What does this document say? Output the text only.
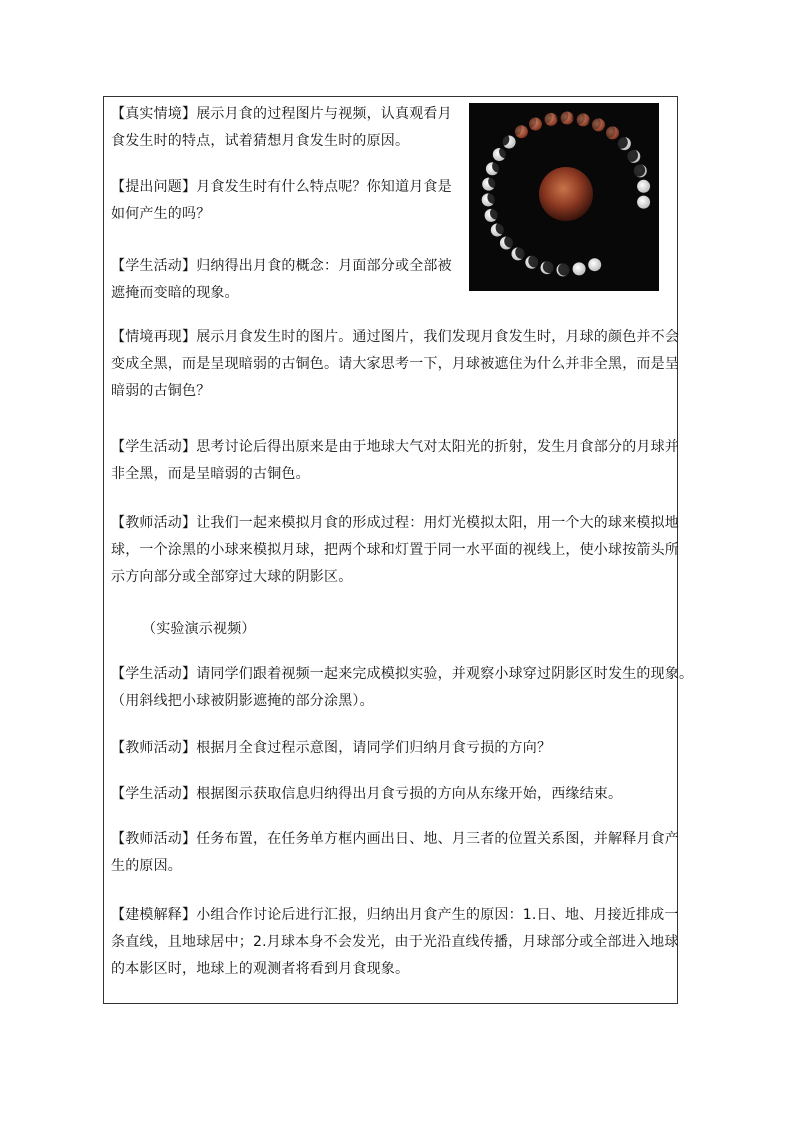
【真实情境】展示月食的过程图片与视频，认真观看月
食发生时的特点，试着猜想月食发生时的原因。

【提出问题】月食发生时有什么特点呢？你知道月食是
如何产生的吗？

【学生活动】归纳得出月食的概念：月面部分或全部被
遮掩而变暗的现象。

【情境再现】展示月食发生时的图片。通过图片，我们发现月食发生时，月球的颜色并不会
变成全黑，而是呈现暗弱的古铜色。请大家思考一下，月球被遮住为什么并非全黑，而是呈
暗弱的古铜色？

【学生活动】思考讨论后得出原来是由于地球大气对太阳光的折射，发生月食部分的月球并
非全黑，而是呈暗弱的古铜色。

【教师活动】让我们一起来模拟月食的形成过程：用灯光模拟太阳，用一个大的球来模拟地
球，一个涂黑的小球来模拟月球，把两个球和灯置于同一水平面的视线上，使小球按箭头所
示方向部分或全部穿过大球的阴影区。

（实验演示视频）

【学生活动】请同学们跟着视频一起来完成模拟实验，并观察小球穿过阴影区时发生的现象。
（用斜线把小球被阴影遮掩的部分涂黑）。

【教师活动】根据月全食过程示意图，请同学们归纳月食亏损的方向？

【学生活动】根据图示获取信息归纳得出月食亏损的方向从东缘开始，西缘结束。

【教师活动】任务布置，在任务单方框内画出日、地、月三者的位置关系图，并解释月食产
生的原因。

【建模解释】小组合作讨论后进行汇报，归纳出月食产生的原因：1.日、地、月接近排成一
条直线，且地球居中；2.月球本身不会发光，由于光沿直线传播，月球部分或全部进入地球
的本影区时，地球上的观测者将看到月食现象。
